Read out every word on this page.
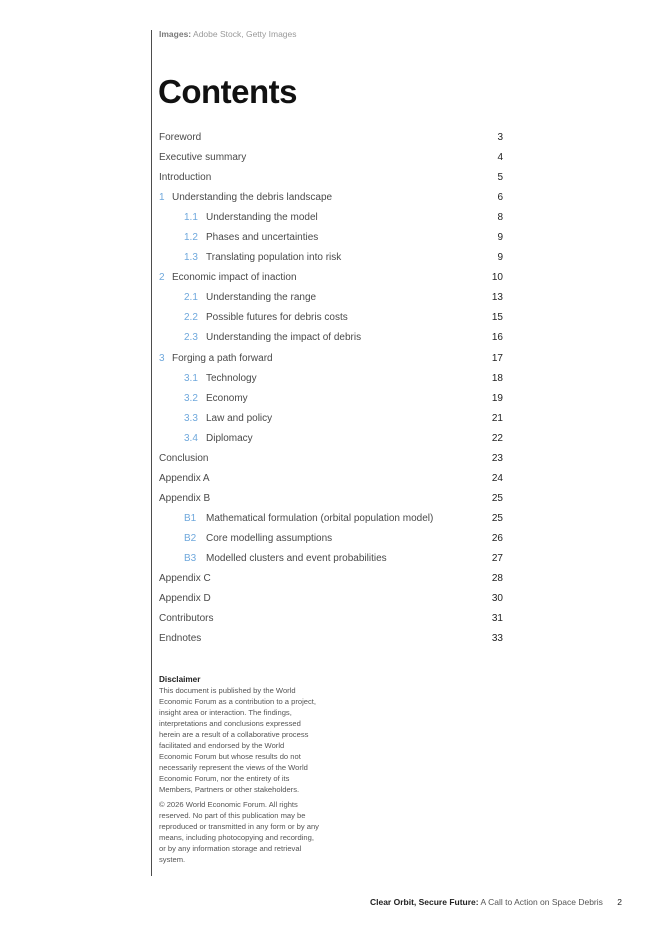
Images: Adobe Stock, Getty Images
Contents
Foreword	3
Executive summary	4
Introduction	5
1 Understanding the debris landscape	6
1.1 Understanding the model	8
1.2 Phases and uncertainties	9
1.3 Translating population into risk	9
2 Economic impact of inaction	10
2.1 Understanding the range	13
2.2 Possible futures for debris costs	15
2.3 Understanding the impact of debris	16
3 Forging a path forward	17
3.1 Technology	18
3.2 Economy	19
3.3 Law and policy	21
3.4 Diplomacy	22
Conclusion	23
Appendix A	24
Appendix B	25
B1 Mathematical formulation (orbital population model)	25
B2 Core modelling assumptions	26
B3 Modelled clusters and event probabilities	27
Appendix C	28
Appendix D	30
Contributors	31
Endnotes	33
Disclaimer

This document is published by the World Economic Forum as a contribution to a project, insight area or interaction. The findings, interpretations and conclusions expressed herein are a result of a collaborative process facilitated and endorsed by the World Economic Forum but whose results do not necessarily represent the views of the World Economic Forum, nor the entirety of its Members, Partners or other stakeholders.

© 2026 World Economic Forum. All rights reserved. No part of this publication may be reproduced or transmitted in any form or by any means, including photocopying and recording, or by any information storage and retrieval system.

Clear Orbit, Secure Future: A Call to Action on Space Debris 2
